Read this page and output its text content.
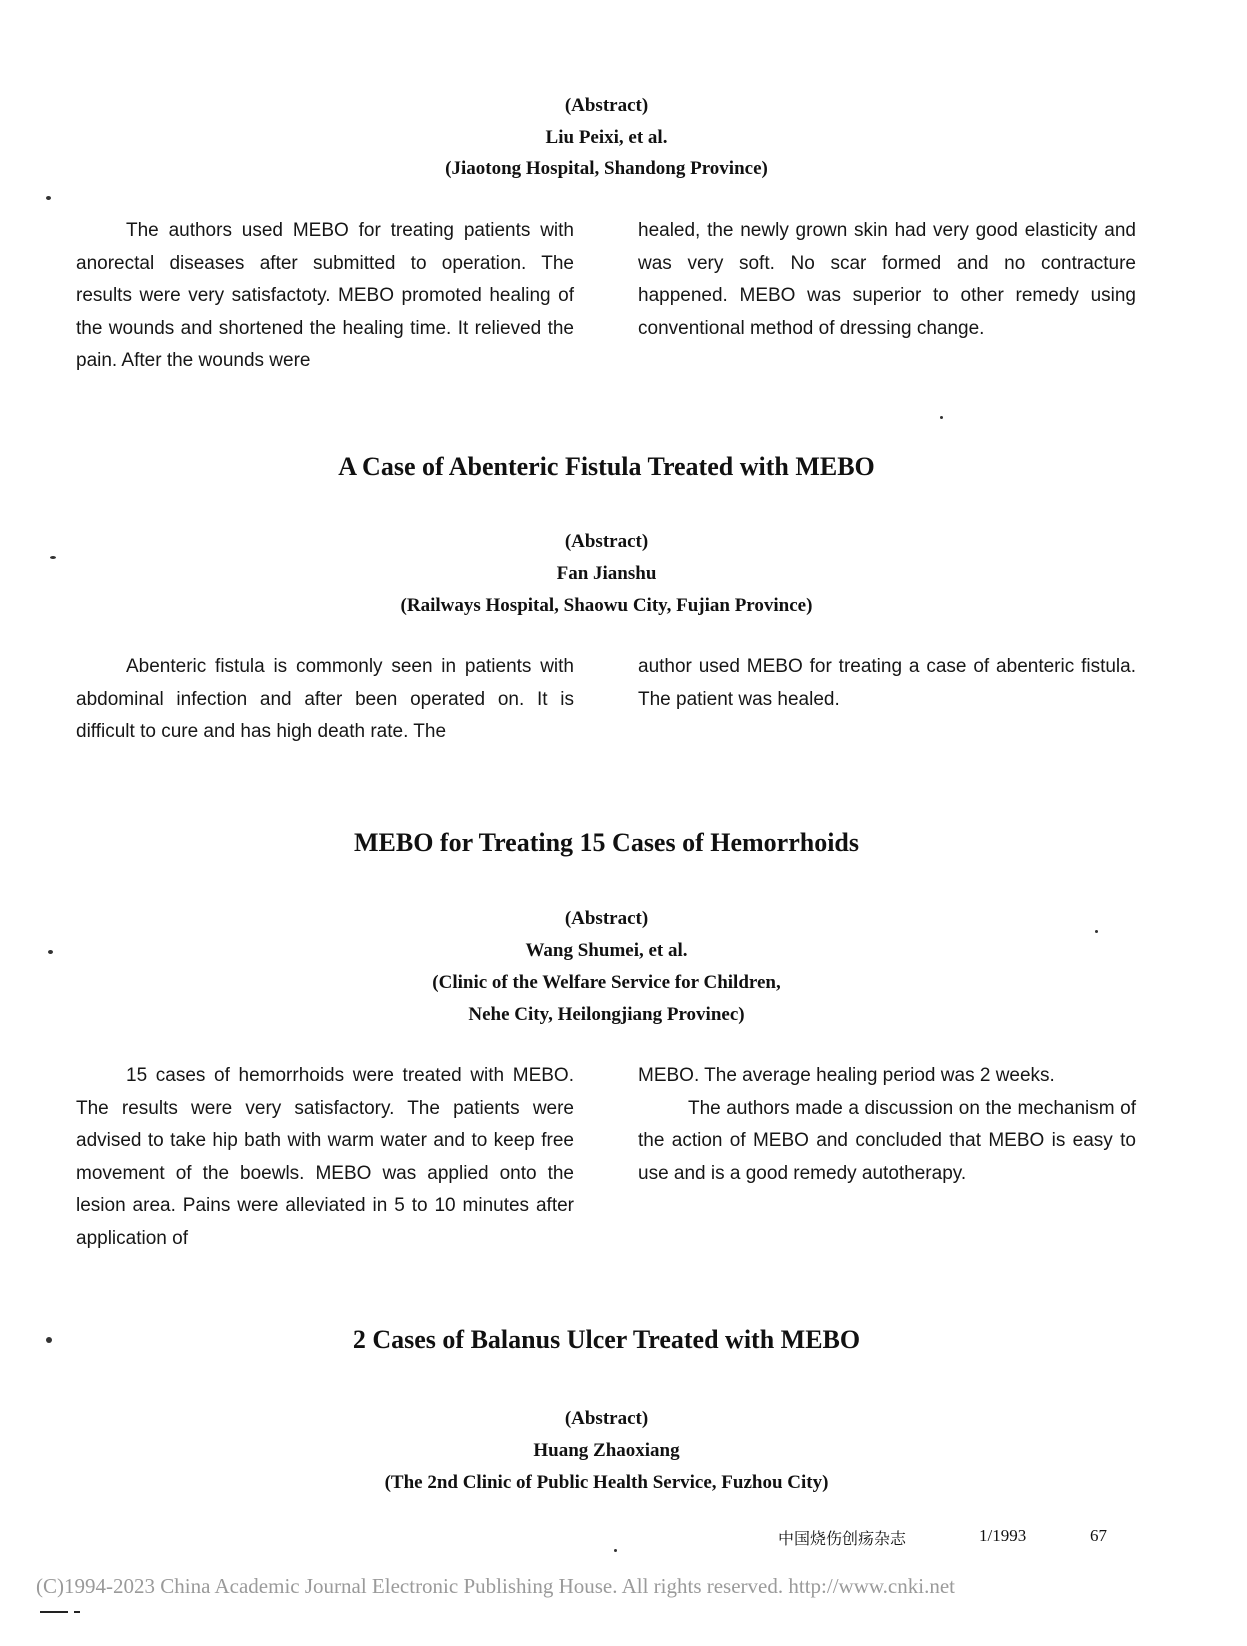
(Abstract)
Liu Peixi, et al.
(Jiaotong Hospital, Shandong Province)

The authors used MEBO for treating patients with anorectal diseases after submitted to operation. The results were very satisfactoty. MEBO promoted healing of the wounds and shortened the healing time. It relieved the pain. After the wounds were

healed, the newly grown skin had very good elasticity and was very soft. No scar formed and no contracture happened. MEBO was superior to other remedy using conventional method of dressing change.

A Case of Abenteric Fistula Treated with MEBO
(Abstract)
Fan Jianshu
(Railways Hospital, Shaowu City, Fujian Province)

Abenteric fistula is commonly seen in patients with abdominal infection and after been operated on. It is difficult to cure and has high death rate. The

author used MEBO for treating a case of abenteric fistula. The patient was healed.

MEBO for Treating 15 Cases of Hemorrhoids
(Abstract)
Wang Shumei, et al.
(Clinic of the Welfare Service for Children,
Nehe City, Heilongjiang Provinec)

15 cases of hemorrhoids were treated with MEBO. The results were very satisfactory. The patients were advised to take hip bath with warm water and to keep free movement of the boewls. MEBO was applied onto the lesion area. Pains were alleviated in 5 to 10 minutes after application of

MEBO. The average healing period was 2 weeks.

The authors made a discussion on the mechanism of the action of MEBO and concluded that MEBO is easy to use and is a good remedy autotherapy.

2 Cases of Balanus Ulcer Treated with MEBO
(Abstract)
Huang Zhaoxiang
(The 2nd Clinic of Public Health Service, Fuzhou City)
中国烧伤创疡杂志	1/1993	67
(C)1994-2023 China Academic Journal Electronic Publishing House. All rights reserved. http://www.cnki.net
